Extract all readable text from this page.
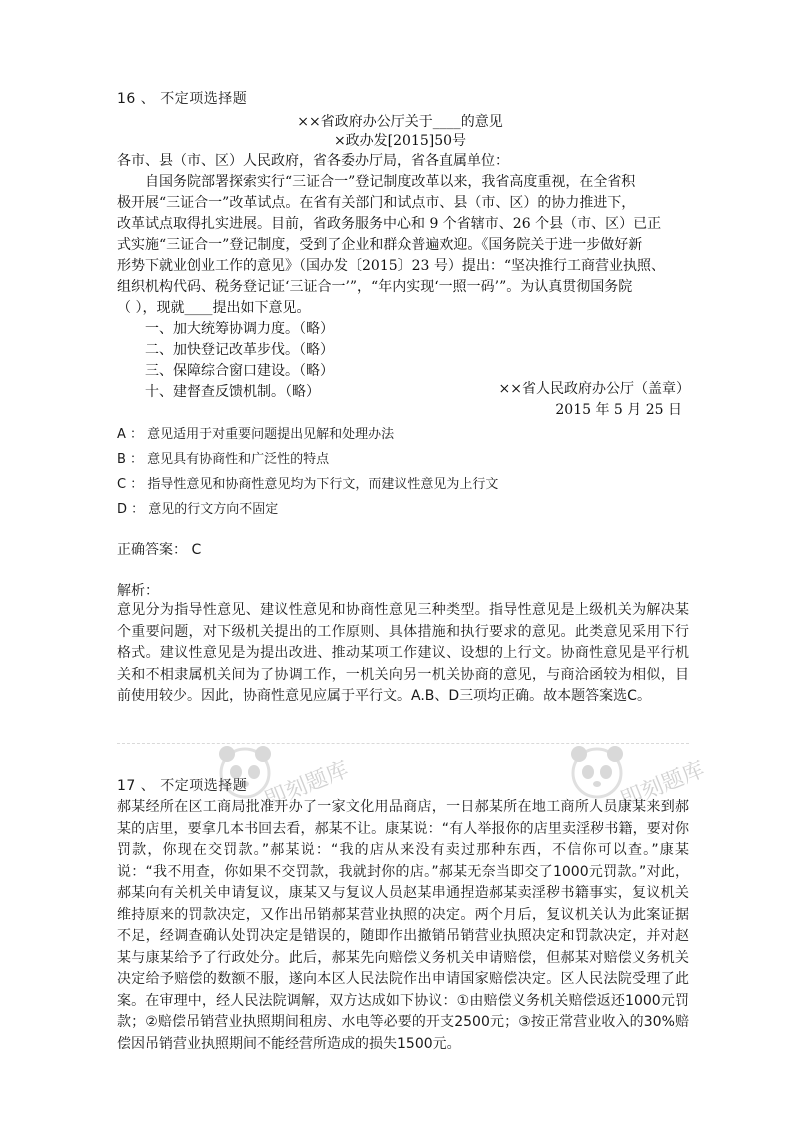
16 、 不定项选择题
××省政府办公厅关于____的意见
×政办发[2015]50号
各市、县（市、区）人民政府，省各委办厅局，省各直属单位：
自国务院部署探索实行“三证合一”登记制度改革以来，我省高度重视，在全省积
极开展“三证合一”改革试点。在省有关部门和试点市、县（市、区）的协力推进下，
改革试点取得扎实进展。目前，省政务服务中心和 9 个省辖市、26 个县（市、区）已正
式实施“三证合一”登记制度，受到了企业和群众普遍欢迎。《国务院关于进一步做好新
形势下就业创业工作的意见》（国办发〔2015〕23 号）提出：“坚决推行工商营业执照、
组织机构代码、税务登记证‘三证合一’”，“年内实现‘一照一码’”。为认真贯彻国务院
（ ），现就____提出如下意见。
一、加大统筹协调力度。（略）
二、加快登记改革步伐。（略）
三、保障综合窗口建设。（略）
十、建督查反馈机制。（略）	××省人民政府办公厅（盖章）
2015 年 5 月 25 日
A ： 意见适用于对重要问题提出见解和处理办法
B ： 意见具有协商性和广泛性的特点
C ： 指导性意见和协商性意见均为下行文，而建议性意见为上行文
D ： 意见的行文方向不固定
正确答案： C
解析：
意见分为指导性意见、建议性意见和协商性意见三种类型。指导性意见是上级机关为解决某个重要问题，对下级机关提出的工作原则、具体措施和执行要求的意见。此类意见采用下行格式。建议性意见是为提出改进、推动某项工作建议、设想的上行文。协商性意见是平行机关和不相隶属机关间为了协调工作，一机关向另一机关协商的意见，与商洽函较为相似，目前使用较少。因此，协商性意见应属于平行文。A.B、D三项均正确。故本题答案选C。
即刻题库	即刻题库
17 、 不定项选择题
郝某经所在区工商局批准开办了一家文化用品商店，一日郝某所在地工商所人员康某来到郝某的店里，要拿几本书回去看，郝某不让。康某说：“有人举报你的店里卖淫秽书籍，要对你罚款，你现在交罚款。”郝某说：“我的店从来没有卖过那种东西，不信你可以查。”康某说：“我不用查，你如果不交罚款，我就封你的店。”郝某无奈当即交了1000元罚款。”对此，郝某向有关机关申请复议，康某又与复议人员赵某串通捏造郝某卖淫秽书籍事实，复议机关维持原来的罚款决定，又作出吊销郝某营业执照的决定。两个月后，复议机关认为此案证据不足，经调查确认处罚决定是错误的，随即作出撤销吊销营业执照决定和罚款决定，并对赵某与康某给予了行政处分。此后，郝某先向赔偿义务机关申请赔偿，但郝某对赔偿义务机关决定给予赔偿的数额不服，遂向本区人民法院作出申请国家赔偿决定。区人民法院受理了此案。在审理中，经人民法院调解，双方达成如下协议：①由赔偿义务机关赔偿返还1000元罚款；②赔偿吊销营业执照期间租房、水电等必要的开支2500元；③按正常营业收入的30%赔偿因吊销营业执照期间不能经营所造成的损失1500元。
